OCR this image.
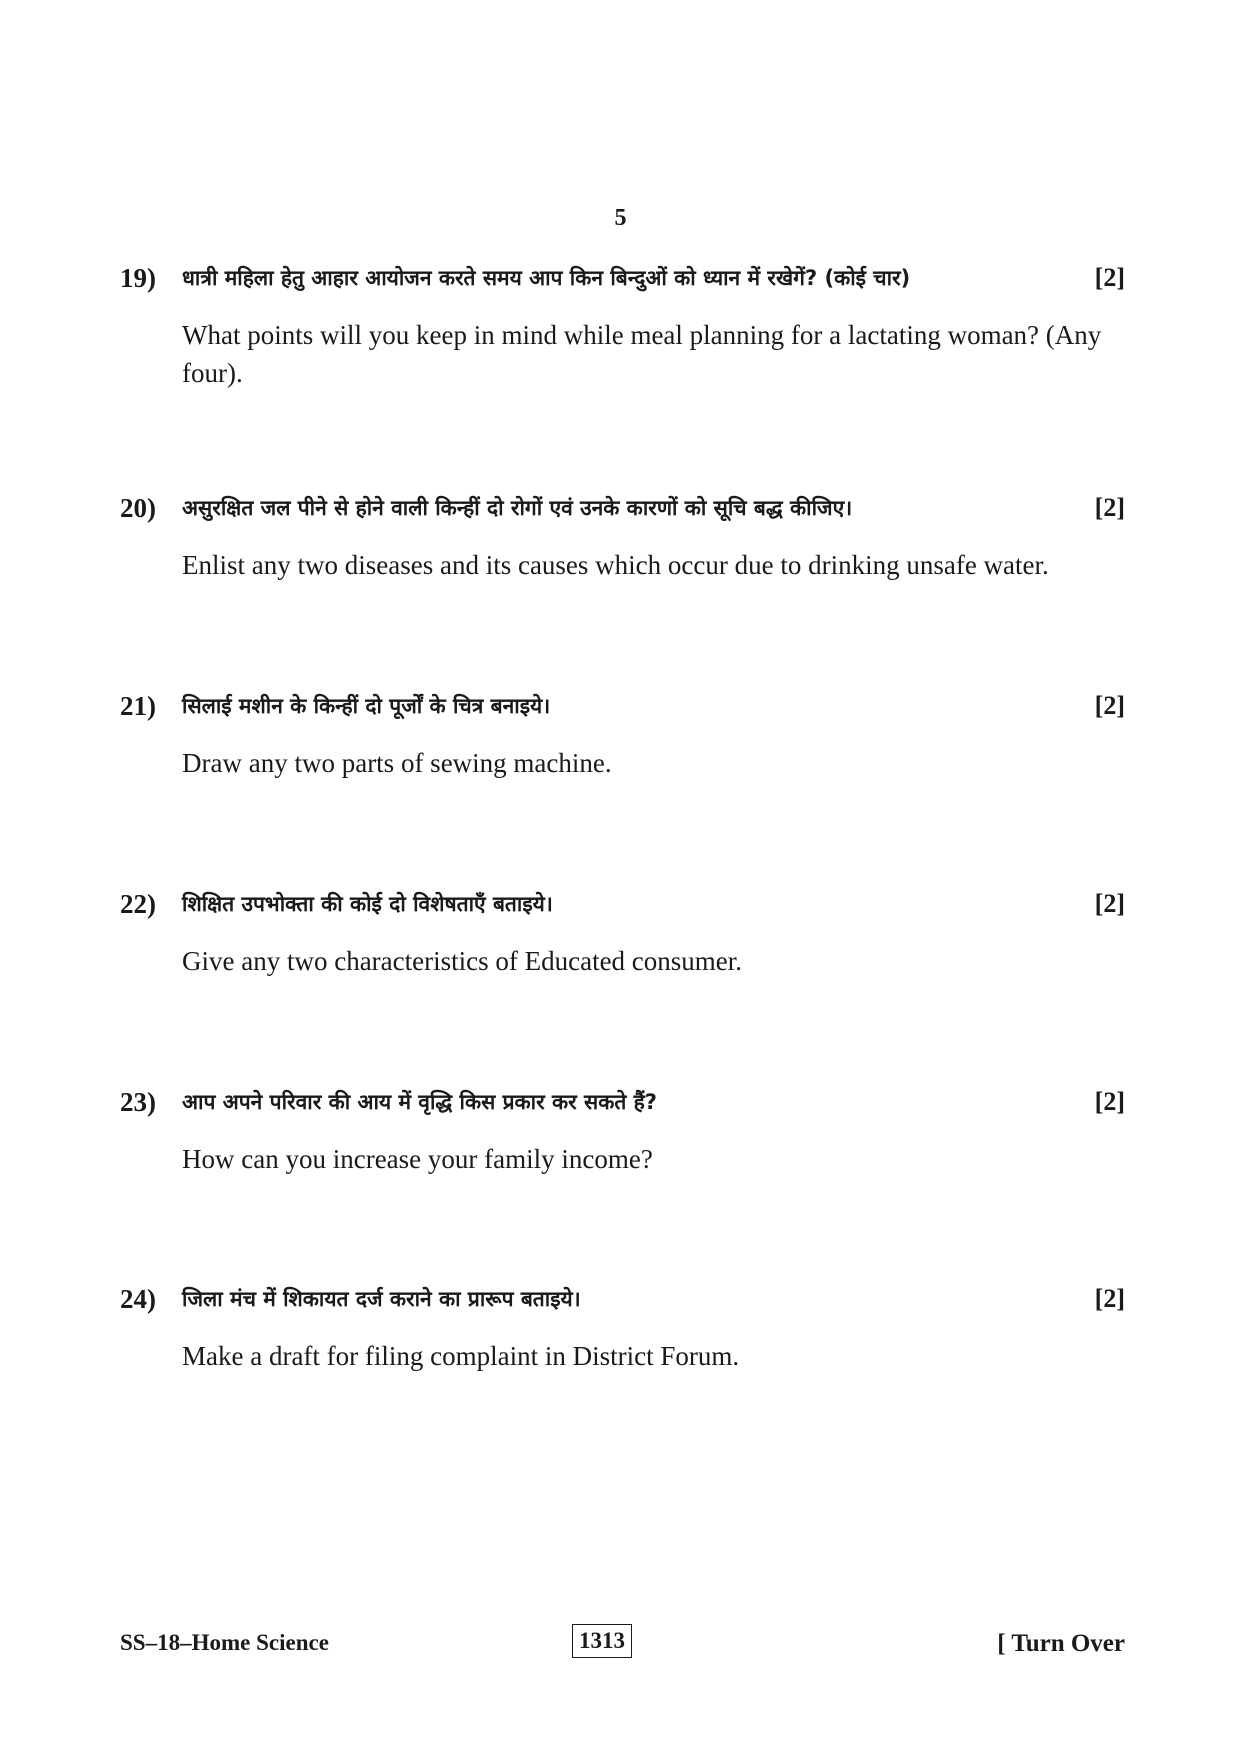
5
19) धात्री महिला हेतु आहार आयोजन करते समय आप किन बिन्दुओं को ध्यान में रखेगें? (कोई चार)	[2]
What points will you keep in mind while meal planning for a lactating woman? (Any four).
20) असुरक्षित जल पीने से होने वाली किन्हीं दो रोगों एवं उनके कारणों को सूचि बद्ध कीजिए।	[2]
Enlist any two diseases and its causes which occur due to drinking unsafe water.
21) सिलाई मशीन के किन्हीं दो पूर्जों के चित्र बनाइये।	[2]
Draw any two parts of sewing machine.
22) शिक्षित उपभोक्ता की कोई दो विशेषताएँ बताइये।	[2]
Give any two characteristics of Educated consumer.
23) आप अपने परिवार की आय में वृद्धि किस प्रकार कर सकते हैं?	[2]
How can you increase your family income?
24) जिला मंच में शिकायत दर्ज कराने का प्रारूप बताइये।	[2]
Make a draft for filing complaint in District Forum.
SS–18–Home Science	1313	[ Turn Over
